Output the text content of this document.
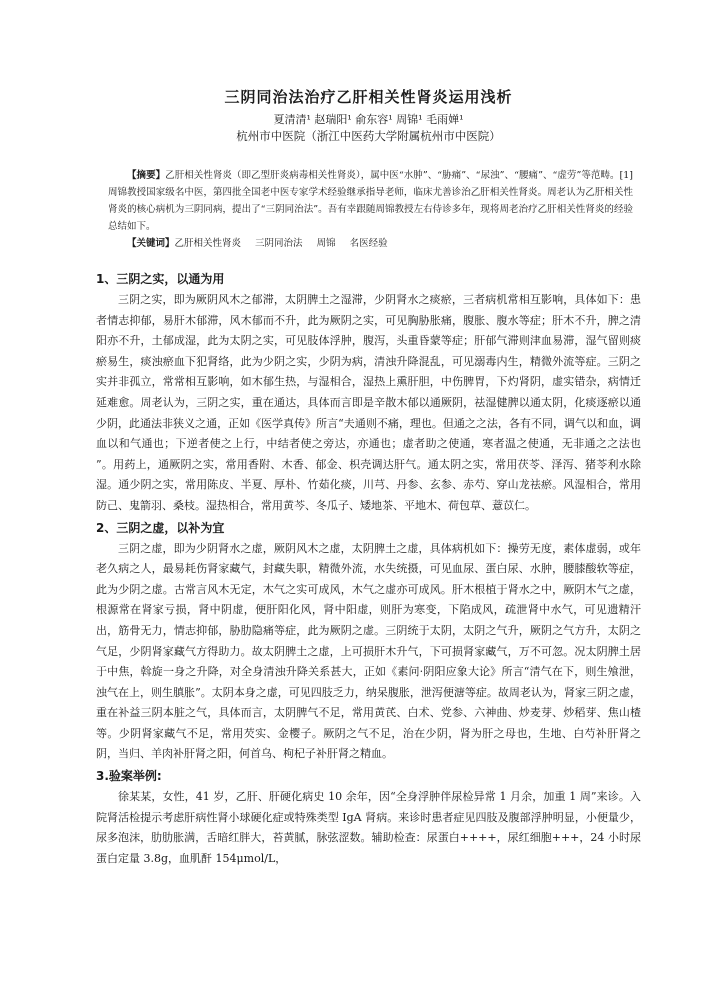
三阴同治法治疗乙肝相关性肾炎运用浅析
夏清清¹ 赵瑞阳¹ 俞东容¹ 周锦¹ 毛雨婵¹
杭州市中医院（浙江中医药大学附属杭州市中医院）

【摘要】乙肝相关性肾炎（即乙型肝炎病毒相关性肾炎），属中医“水肿”、“胁痛”、“尿浊”、“腰痛”、“虚劳”等范畴。[1] 周锦教授国家级名中医，第四批全国老中医专家学术经验继承指导老师，临床尤善诊治乙肝相关性肾炎。周老认为乙肝相关性肾炎的核心病机为三阴同病，提出了“三阴同治法”。吾有幸跟随周锦教授左右侍诊多年，现将周老治疗乙肝相关性肾炎的经验总结如下。

【关键词】乙肝相关性肾炎 三阴同治法 周锦 名医经验

1、三阴之实，以通为用

三阴之实，即为厥阴风木之郁滞，太阴脾土之湿滞，少阴肾水之痰瘀，三者病机常相互影响，具体如下：患者情志抑郁，易肝木郁滞，风木郁而不升，此为厥阴之实，可见胸胁胀痛，腹胀、腹水等症；肝木不升，脾之清阳亦不升，土郁成湿，此为太阴之实，可见肢体浮肿，腹泻，头重昏蒙等症；肝郁气滞则津血易滞，湿气留则痰瘀易生，痰浊瘀血下犯肾络，此为少阴之实，少阴为病，清浊升降混乱，可见溺毒内生，精微外流等症。三阴之实并非孤立，常常相互影响，如木郁生热，与湿相合，湿热上熏肝胆，中伤脾胃，下灼肾阴，虚实错杂，病情迁延难愈。周老认为，三阴之实，重在通达，具体而言即是辛散木郁以通厥阴，祛湿健脾以通太阴，化痰逐瘀以通少阴，此通法非狭义之通，正如《医学真传》所言“夫通则不痛，理也。但通之之法，各有不同，调气以和血，调血以和气通也；下逆者使之上行，中结者使之旁达，亦通也；虚者助之使通，寒者温之使通，无非通之之法也 ”。用药上，通厥阴之实，常用香附、木香、郁金、枳壳调达肝气。通太阴之实，常用茯苓、泽泻、猪苓利水除湿。通少阴之实，常用陈皮、半夏、厚朴、竹茹化痰，川芎、丹参、玄参、赤芍、穿山龙祛瘀。风湿相合，常用防己、鬼箭羽、桑枝。湿热相合，常用黄芩、冬瓜子、矮地茶、平地木、荷包草、薏苡仁。

2、三阴之虚，以补为宜

三阴之虚，即为少阴肾水之虚，厥阴风木之虚，太阴脾土之虚，具体病机如下：操劳无度，素体虚弱，或年老久病之人，最易耗伤肾家藏气，封藏失职，精微外流，水失统摄，可见血尿、蛋白尿、水肿，腰膝酸软等症，此为少阴之虚。古常言风木无定，木气之实可成风，木气之虚亦可成风。肝木根植于肾水之中，厥阴木气之虚，根源常在肾家亏损，肾中阴虚，便肝阳化风，肾中阳虚，则肝为寒变，下陷成风，疏泄肾中水气，可见遗精汗出，筋骨无力，情志抑郁，胁肋隐痛等症，此为厥阴之虚。三阴统于太阴，太阴之气升，厥阴之气方升，太阴之气足，少阴肾家藏气方得助力。故太阴脾土之虚，上可损肝木升气，下可损肾家藏气，万不可忽。况太阴脾土居于中焦，斡旋一身之升降，对全身清浊升降关系甚大，正如《素问·阴阳应象大论》所言“清气在下，则生飧泄，浊气在上，则生䐜胀”。太阴本身之虚，可见四肢乏力，纳呆腹胀，泄泻便溏等症。故周老认为，肾家三阴之虚，重在补益三阴本脏之气，具体而言，太阴脾气不足，常用黄芪、白术、党参、六神曲、炒麦芽、炒稻芽、焦山楂等。少阴肾家藏气不足，常用芡实、金樱子。厥阴之气不足，治在少阴，肾为肝之母也，生地、白芍补肝肾之阴，当归、羊肉补肝肾之阳，何首乌、枸杞子补肝肾之精血。

3.验案举例:

徐某某，女性，41 岁，乙肝、肝硬化病史 10 余年，因“全身浮肿伴尿检异常 1 月余，加重 1 周”来诊。入院肾活检提示考虑肝病性肾小球硬化症或特殊类型 IgA 肾病。来诊时患者症见四肢及腹部浮肿明显，小便量少，尿多泡沫，肋肋胀满，舌暗红胖大，苔黄腻，脉弦涩数。辅助检查：尿蛋白++++，尿红细胞+++，24 小时尿蛋白定量 3.8g，血肌酐 154μmol/L，
